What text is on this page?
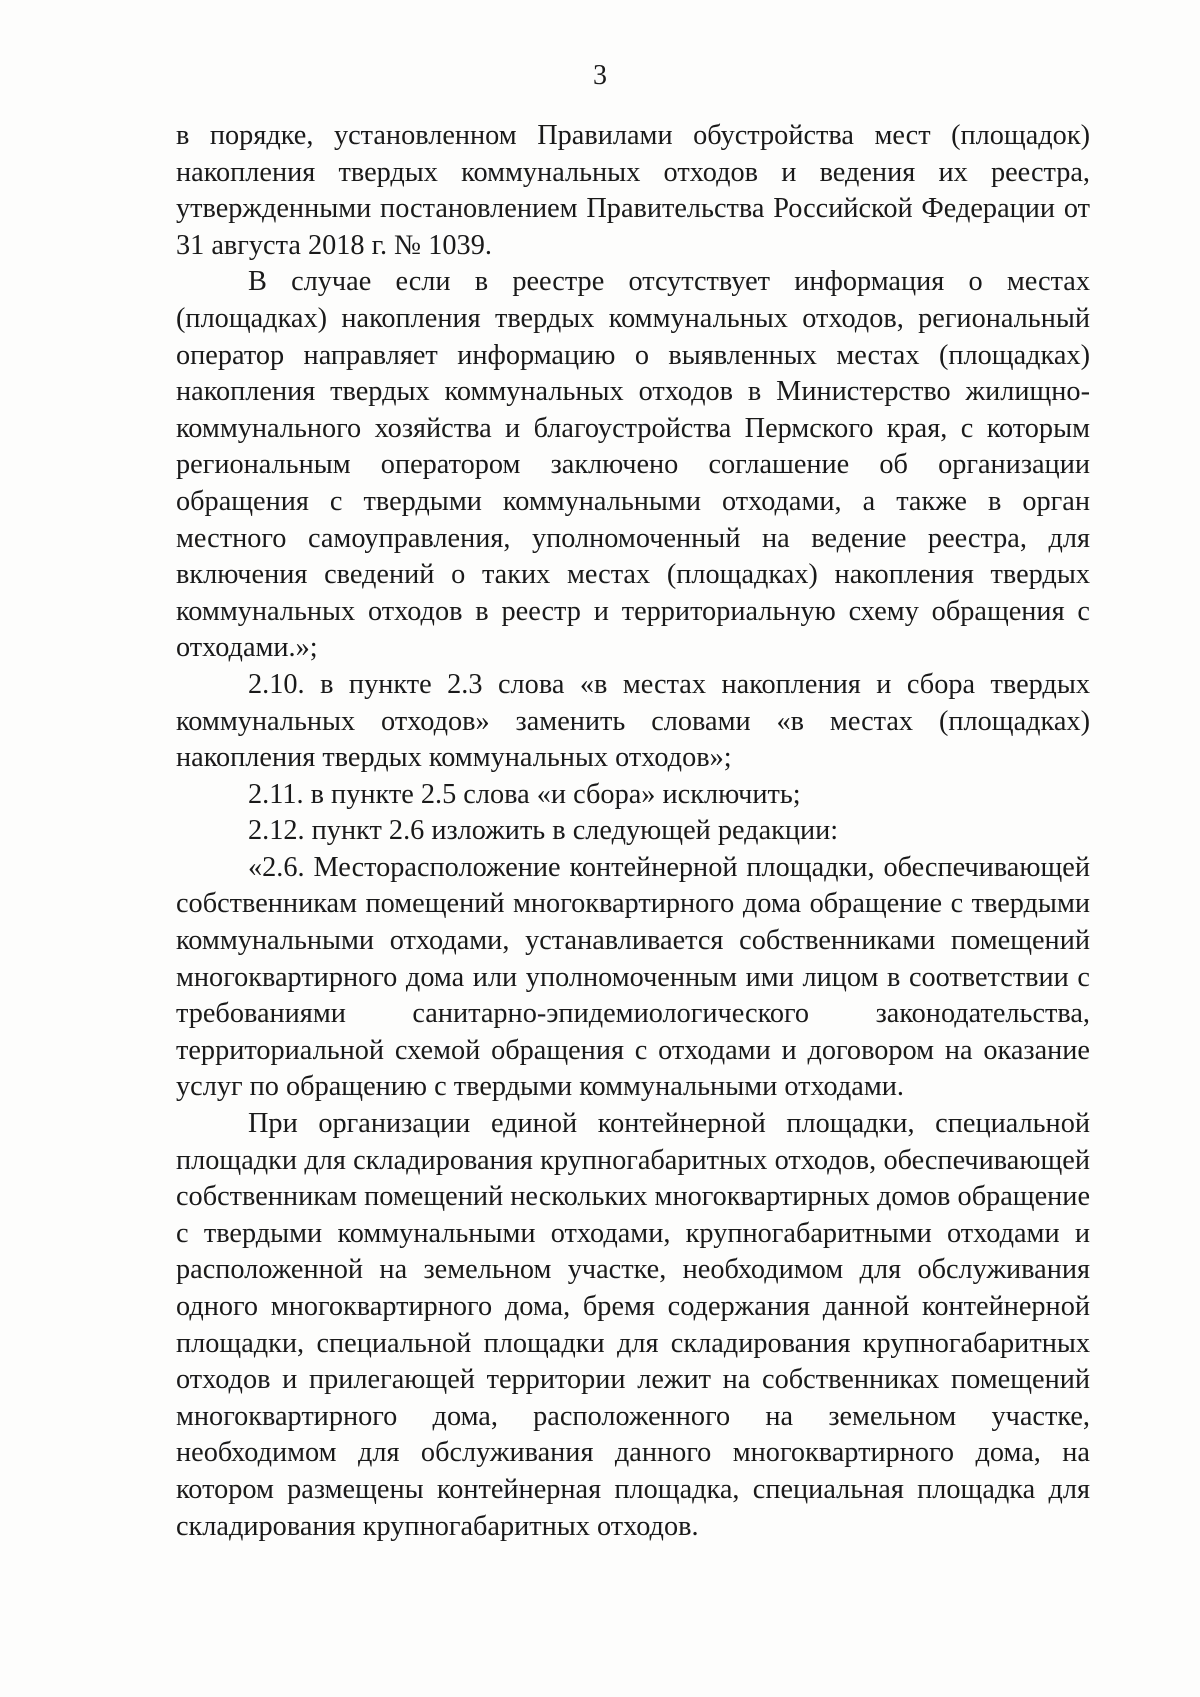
3

в порядке, установленном Правилами обустройства мест (площадок) накопления твердых коммунальных отходов и ведения их реестра, утвержденными постановлением Правительства Российской Федерации от 31 августа 2018 г. № 1039.

В случае если в реестре отсутствует информация о местах (площадках) накопления твердых коммунальных отходов, региональный оператор направляет информацию о выявленных местах (площадках) накопления твердых коммунальных отходов в Министерство жилищно-коммунального хозяйства и благоустройства Пермского края, с которым региональным оператором заключено соглашение об организации обращения с твердыми коммунальными отходами, а также в орган местного самоуправления, уполномоченный на ведение реестра, для включения сведений о таких местах (площадках) накопления твердых коммунальных отходов в реестр и территориальную схему обращения с отходами.»;

2.10. в пункте 2.3 слова «в местах накопления и сбора твердых коммунальных отходов» заменить словами «в местах (площадках) накопления твердых коммунальных отходов»;

2.11. в пункте 2.5 слова «и сбора» исключить;

2.12. пункт 2.6 изложить в следующей редакции:

«2.6. Месторасположение контейнерной площадки, обеспечивающей собственникам помещений многоквартирного дома обращение с твердыми коммунальными отходами, устанавливается собственниками помещений многоквартирного дома или уполномоченным ими лицом в соответствии с требованиями санитарно-эпидемиологического законодательства, территориальной схемой обращения с отходами и договором на оказание услуг по обращению с твердыми коммунальными отходами.

При организации единой контейнерной площадки, специальной площадки для складирования крупногабаритных отходов, обеспечивающей собственникам помещений нескольких многоквартирных домов обращение с твердыми коммунальными отходами, крупногабаритными отходами и расположенной на земельном участке, необходимом для обслуживания одного многоквартирного дома, бремя содержания данной контейнерной площадки, специальной площадки для складирования крупногабаритных отходов и прилегающей территории лежит на собственниках помещений многоквартирного дома, расположенного на земельном участке, необходимом для обслуживания данного многоквартирного дома, на котором размещены контейнерная площадка, специальная площадка для складирования крупногабаритных отходов.
